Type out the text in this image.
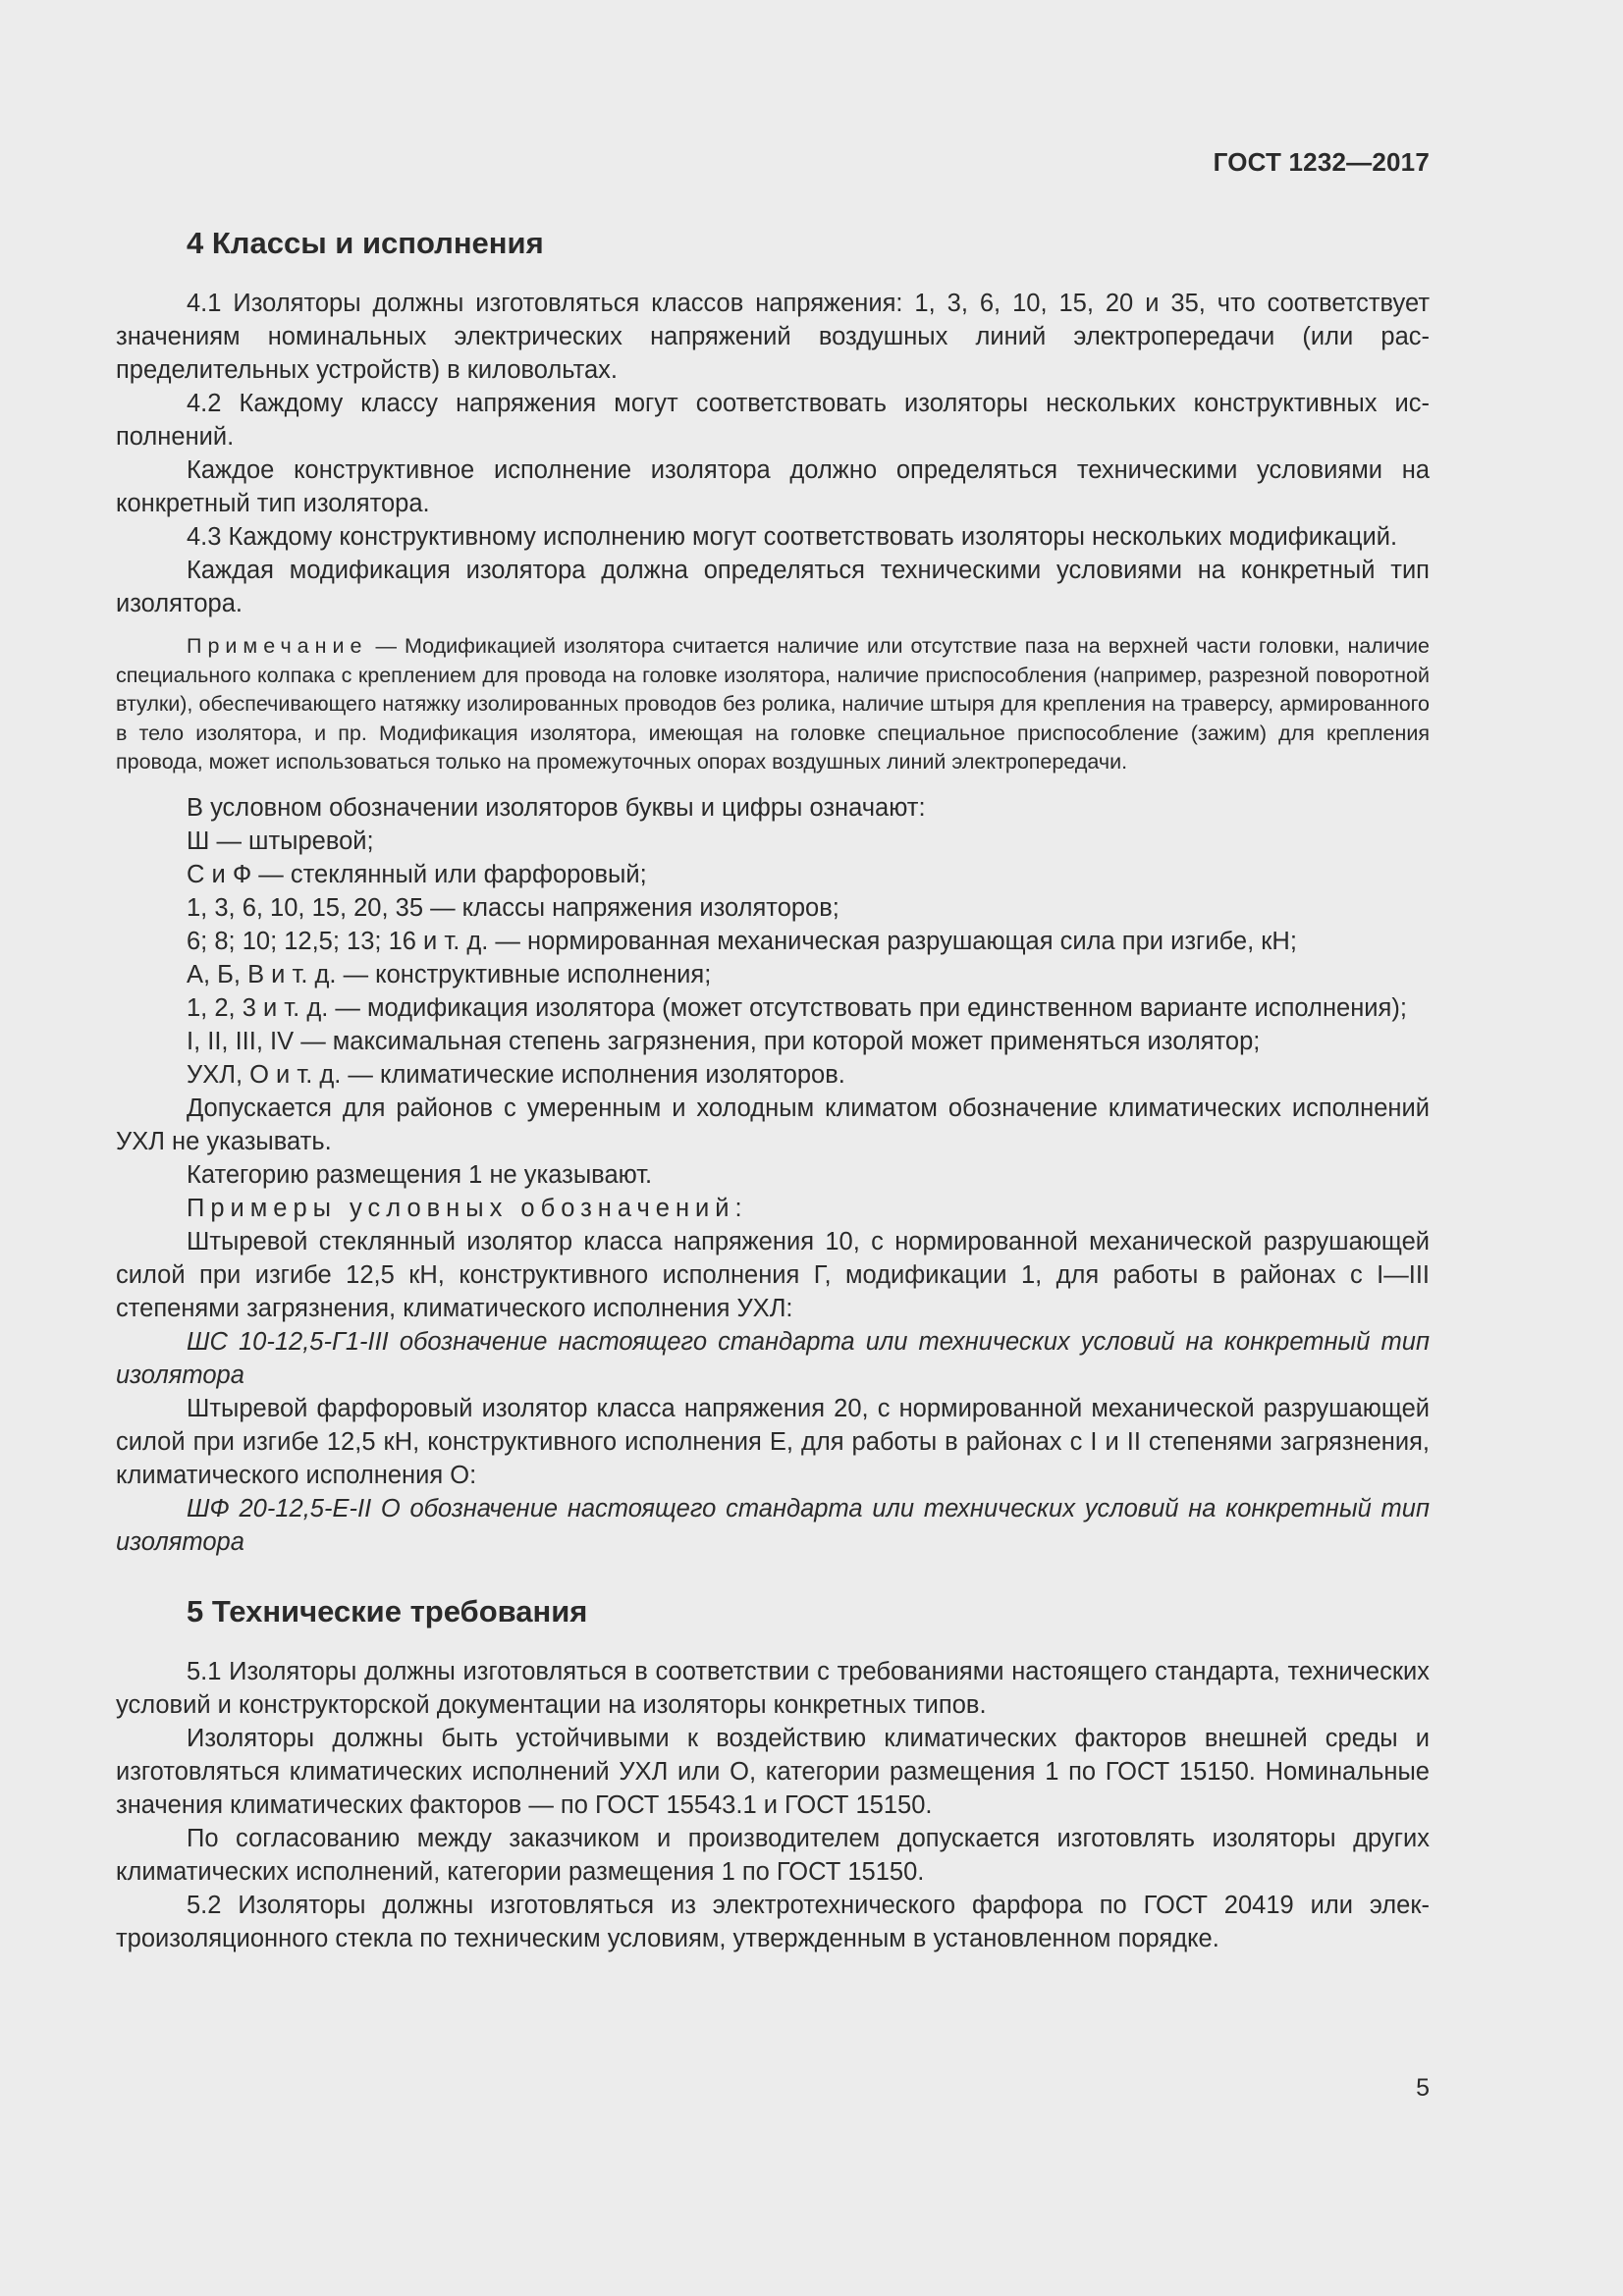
ГОСТ 1232—2017
4 Классы и исполнения

4.1 Изоляторы должны изготовляться классов напряжения: 1, 3, 6, 10, 15, 20 и 35, что соответствует значениям номинальных электрических напряжений воздушных линий электропередачи (или распределительных устройств) в киловольтах.

4.2 Каждому классу напряжения могут соответствовать изоляторы нескольких конструктивных исполнений.

Каждое конструктивное исполнение изолятора должно определяться техническими условиями на конкретный тип изолятора.

4.3 Каждому конструктивному исполнению могут соответствовать изоляторы нескольких модификаций.

Каждая модификация изолятора должна определяться техническими условиями на конкретный тип изолятора.

Примечание — Модификацией изолятора считается наличие или отсутствие паза на верхней части головки, наличие специального колпака с креплением для провода на головке изолятора, наличие приспособления (например, разрезной поворотной втулки), обеспечивающего натяжку изолированных проводов без ролика, наличие штыря для крепления на траверсу, армированного в тело изолятора, и пр. Модификация изолятора, имеющая на головке специальное приспособление (зажим) для крепления провода, может использоваться только на промежуточных опорах воздушных линий электропередачи.

В условном обозначении изоляторов буквы и цифры означают:

Ш — штыревой;

С и Ф — стеклянный или фарфоровый;

1, 3, 6, 10, 15, 20, 35 — классы напряжения изоляторов;

6; 8; 10; 12,5; 13; 16 и т. д. — нормированная механическая разрушающая сила при изгибе, кН;

А, Б, В и т. д. — конструктивные исполнения;

1, 2, 3 и т. д. — модификация изолятора (может отсутствовать при единственном варианте исполнения);

I, II, III, IV — максимальная степень загрязнения, при которой может применяться изолятор;

УХЛ, О и т. д. — климатические исполнения изоляторов.

Допускается для районов с умеренным и холодным климатом обозначение климатических исполнений УХЛ не указывать.

Категорию размещения 1 не указывают.

Примеры условных обозначений:

Штыревой стеклянный изолятор класса напряжения 10, с нормированной механической разрушающей силой при изгибе 12,5 кН, конструктивного исполнения Г, модификации 1, для работы в районах с I—III степенями загрязнения, климатического исполнения УХЛ:

ШС 10-12,5-Г1-III обозначение настоящего стандарта или технических условий на конкретный тип изолятора

Штыревой фарфоровый изолятор класса напряжения 20, с нормированной механической разрушающей силой при изгибе 12,5 кН, конструктивного исполнения Е, для работы в районах с I и II степенями загрязнения, климатического исполнения О:

ШФ 20-12,5-Е-II О обозначение настоящего стандарта или технических условий на конкретный тип изолятора

5 Технические требования

5.1 Изоляторы должны изготовляться в соответствии с требованиями настоящего стандарта, технических условий и конструкторской документации на изоляторы конкретных типов.

Изоляторы должны быть устойчивыми к воздействию климатических факторов внешней среды и изготовляться климатических исполнений УХЛ или О, категории размещения 1 по ГОСТ 15150. Номинальные значения климатических факторов — по ГОСТ 15543.1 и ГОСТ 15150.

По согласованию между заказчиком и производителем допускается изготовлять изоляторы других климатических исполнений, категории размещения 1 по ГОСТ 15150.

5.2 Изоляторы должны изготовляться из электротехнического фарфора по ГОСТ 20419 или электроизоляционного стекла по техническим условиям, утвержденным в установленном порядке.

5
